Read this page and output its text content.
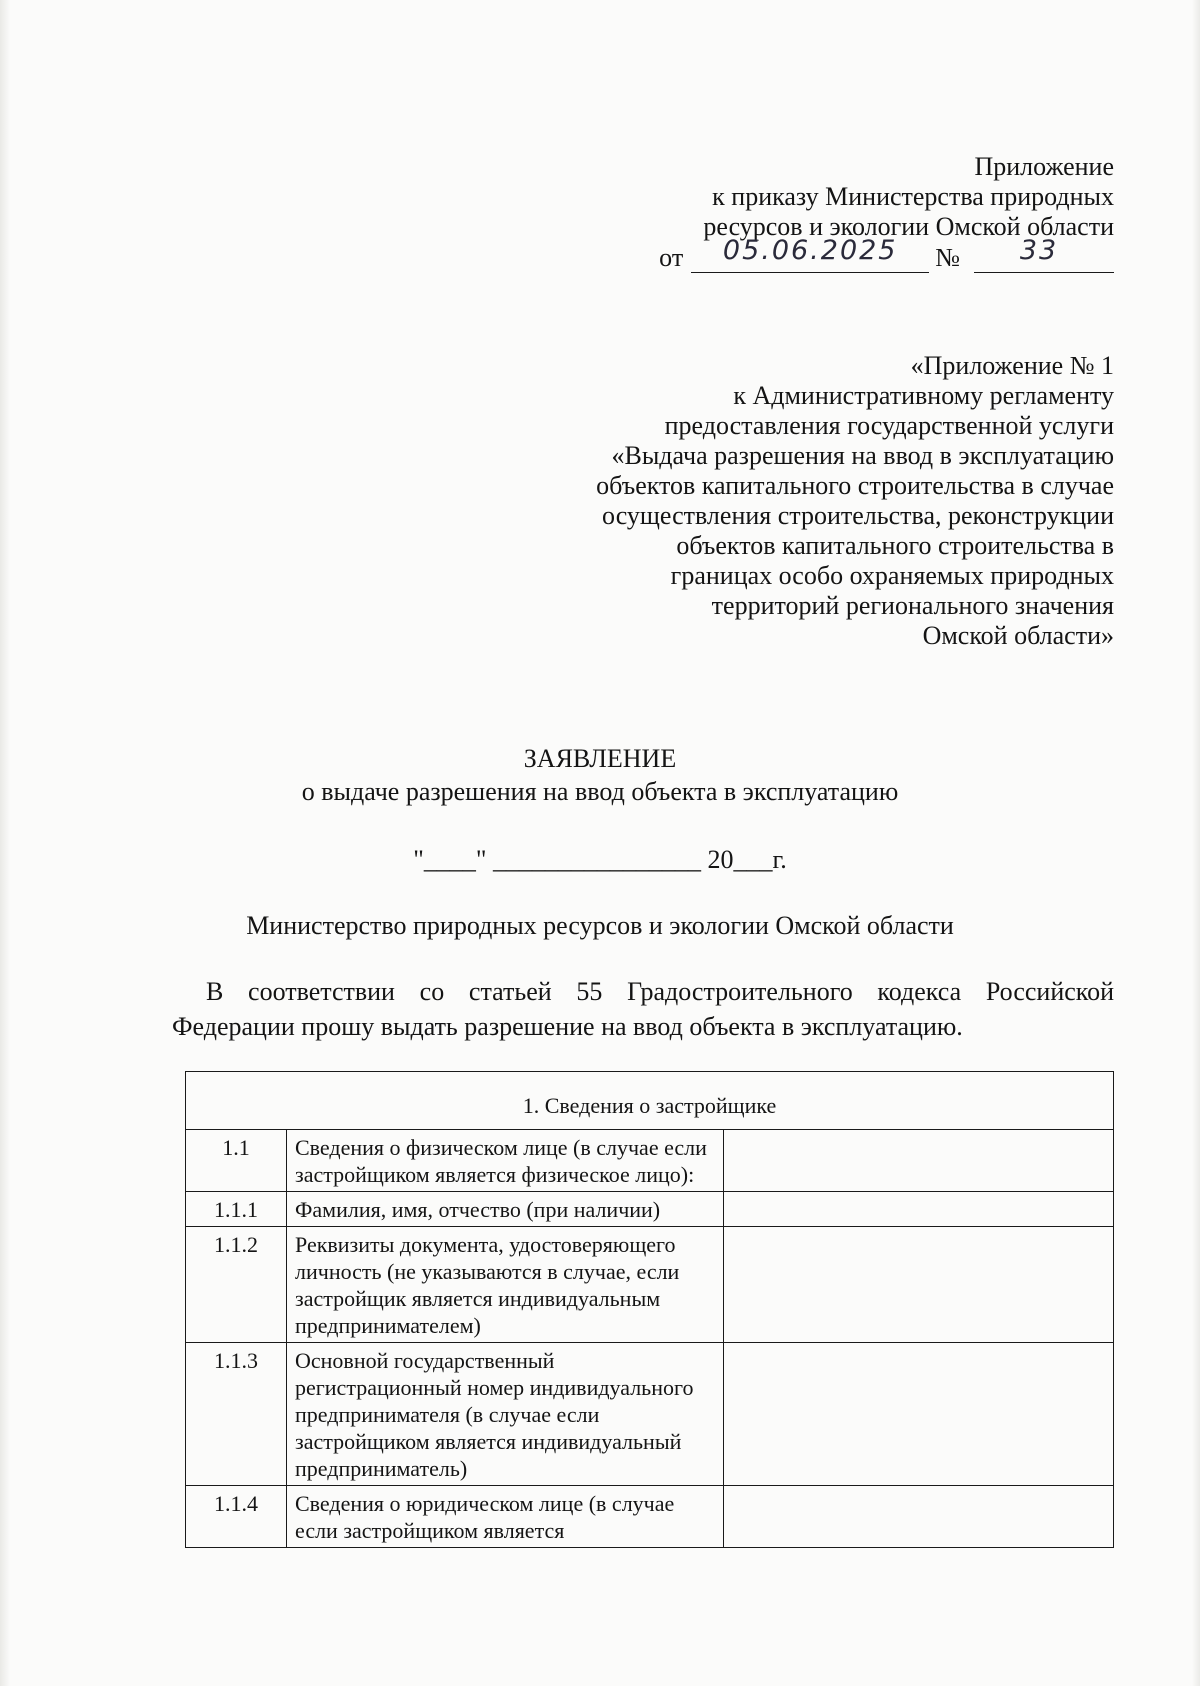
Приложение
к приказу Министерства природных
ресурсов и экологии Омской области
от	05.06.2025	№	33
«Приложение № 1
к Административному регламенту
предоставления государственной услуги
«Выдача разрешения на ввод в эксплуатацию
объектов капитального строительства в случае
осуществления строительства, реконструкции
объектов капитального строительства в
границах особо охраняемых природных
территорий регионального значения
Омской области»
ЗАЯВЛЕНИЕ
о выдаче разрешения на ввод объекта в эксплуатацию
"____" ________________ 20___г.
Министерство природных ресурсов и экологии Омской области
В соответствии со статьей 55 Градостроительного кодекса Российской Федерации прошу выдать разрешение на ввод объекта в эксплуатацию.
1. Сведения о застройщике		
1.1	Сведения о физическом лице (в случае если застройщиком является физическое лицо):	
1.1.1	Фамилия, имя, отчество (при наличии)	
1.1.2	Реквизиты документа, удостоверяющего личность (не указываются в случае, если застройщик является индивидуальным предпринимателем)	
1.1.3	Основной государственный регистрационный номер индивидуального предпринимателя (в случае если застройщиком является индивидуальный предприниматель)	
1.1.4	Сведения о юридическом лице (в случае если застройщиком является	
